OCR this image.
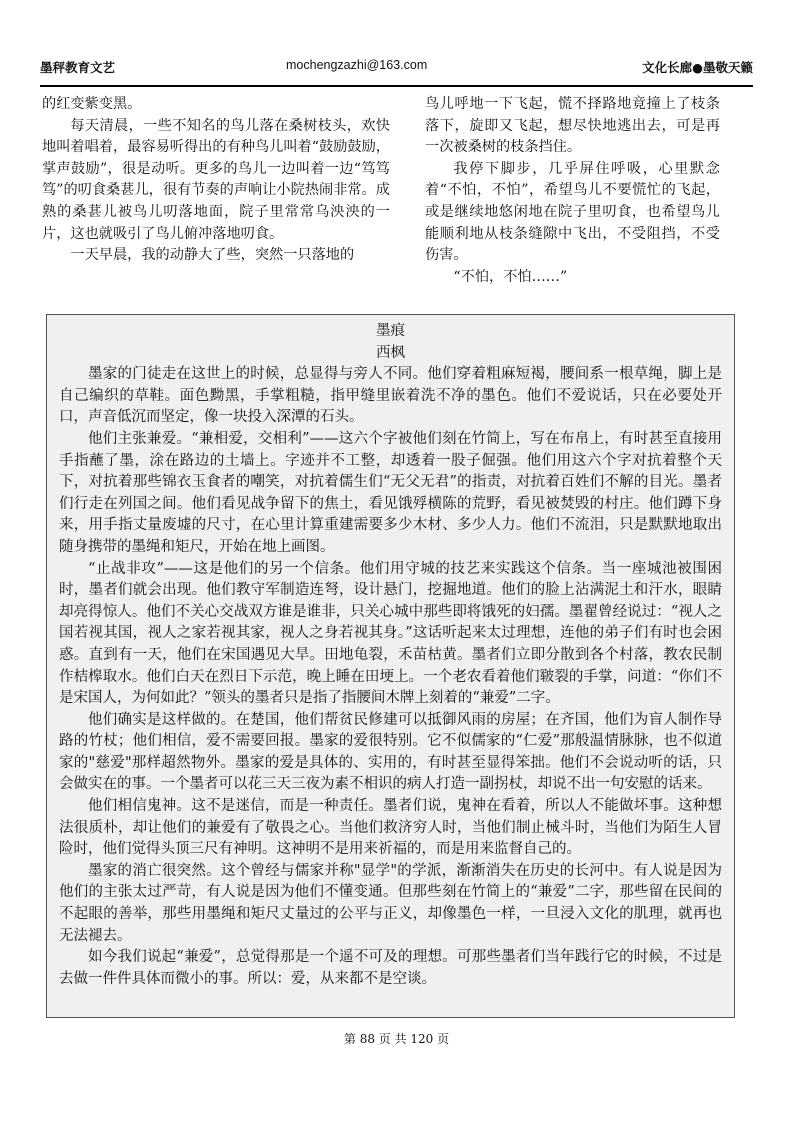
墨秤教育文艺	mochengzazhi@163.com	文化长廊●墨敬天籁

的红变紫变黑。

每天清晨，一些不知名的鸟儿落在桑树枝头，欢快地叫着唱着，最容易听得出的有种鸟儿叫着“鼓励鼓励，掌声鼓励”，很是动听。更多的鸟儿一边叫着一边“笃笃笃”的叨食桑葚儿，很有节奏的声响让小院热闹非常。成熟的桑葚儿被鸟儿叨落地面，院子里常常乌泱泱的一片，这也就吸引了鸟儿俯冲落地叨食。

一天早晨，我的动静大了些，突然一只落地的

鸟儿呼地一下飞起，慌不择路地竟撞上了枝条落下，旋即又飞起，想尽快地逃出去，可是再一次被桑树的枝条挡住。

我停下脚步，几乎屏住呼吸，心里默念着“不怕，不怕”，希望鸟儿不要慌忙的飞起，或是继续地悠闲地在院子里叨食，也希望鸟儿能顺利地从枝条缝隙中飞出，不受阻挡，不受伤害。

“不怕，不怕……”

墨痕
西枫

墨家的门徒走在这世上的时候，总显得与旁人不同。他们穿着粗麻短褐，腰间系一根草绳，脚上是自己编织的草鞋。面色黝黑，手掌粗糙，指甲缝里嵌着洗不净的墨色。他们不爱说话，只在必要处开口，声音低沉而坚定，像一块投入深潭的石头。

他们主张兼爱。“兼相爱，交相利”——这六个字被他们刻在竹简上，写在布帛上，有时甚至直接用手指蘸了墨，涂在路边的土墙上。字迹并不工整，却透着一股子倔强。他们用这六个字对抗着整个天下，对抗着那些锦衣玉食者的嘲笑，对抗着儒生们“无父无君”的指责，对抗着百姓们不解的目光。墨者们行走在列国之间。他们看见战争留下的焦土，看见饿殍横陈的荒野，看见被焚毁的村庄。他们蹲下身来，用手指丈量废墟的尺寸，在心里计算重建需要多少木材、多少人力。他们不流泪，只是默默地取出随身携带的墨绳和矩尺，开始在地上画图。

“止战非攻”——这是他们的另一个信条。他们用守城的技艺来实践这个信条。当一座城池被围困时，墨者们就会出现。他们教守军制造连弩，设计悬门，挖掘地道。他们的脸上沾满泥土和汗水，眼睛却亮得惊人。他们不关心交战双方谁是谁非，只关心城中那些即将饿死的妇孺。墨翟曾经说过：“视人之国若视其国，视人之家若视其家，视人之身若视其身。”这话听起来太过理想，连他的弟子们有时也会困惑。直到有一天，他们在宋国遇见大旱。田地龟裂，禾苗枯黄。墨者们立即分散到各个村落，教农民制作桔槔取水。他们白天在烈日下示范，晚上睡在田埂上。一个老农看着他们皲裂的手掌，问道：“你们不是宋国人，为何如此？”领头的墨者只是指了指腰间木牌上刻着的“兼爱”二字。

他们确实是这样做的。在楚国，他们帮贫民修建可以抵御风雨的房屋；在齐国，他们为盲人制作导路的竹杖；他们相信，爱不需要回报。墨家的爱很特别。它不似儒家的“仁爱”那般温情脉脉，也不似道家的"慈爱"那样超然物外。墨家的爱是具体的、实用的，有时甚至显得笨拙。他们不会说动听的话，只会做实在的事。一个墨者可以花三天三夜为素不相识的病人打造一副拐杖，却说不出一句安慰的话来。

他们相信鬼神。这不是迷信，而是一种责任。墨者们说，鬼神在看着，所以人不能做坏事。这种想法很质朴，却让他们的兼爱有了敬畏之心。当他们救济穷人时，当他们制止械斗时，当他们为陌生人冒险时，他们觉得头顶三尺有神明。这神明不是用来祈福的，而是用来监督自己的。

墨家的消亡很突然。这个曾经与儒家并称"显学"的学派，渐渐消失在历史的长河中。有人说是因为他们的主张太过严苛，有人说是因为他们不懂变通。但那些刻在竹简上的“兼爱”二字，那些留在民间的不起眼的善举，那些用墨绳和矩尺丈量过的公平与正义，却像墨色一样，一旦浸入文化的肌理，就再也无法褪去。

如今我们说起“兼爱”，总觉得那是一个遥不可及的理想。可那些墨者们当年践行它的时候，不过是去做一件件具体而微小的事。所以：爱，从来都不是空谈。

第 88 页 共 120 页
